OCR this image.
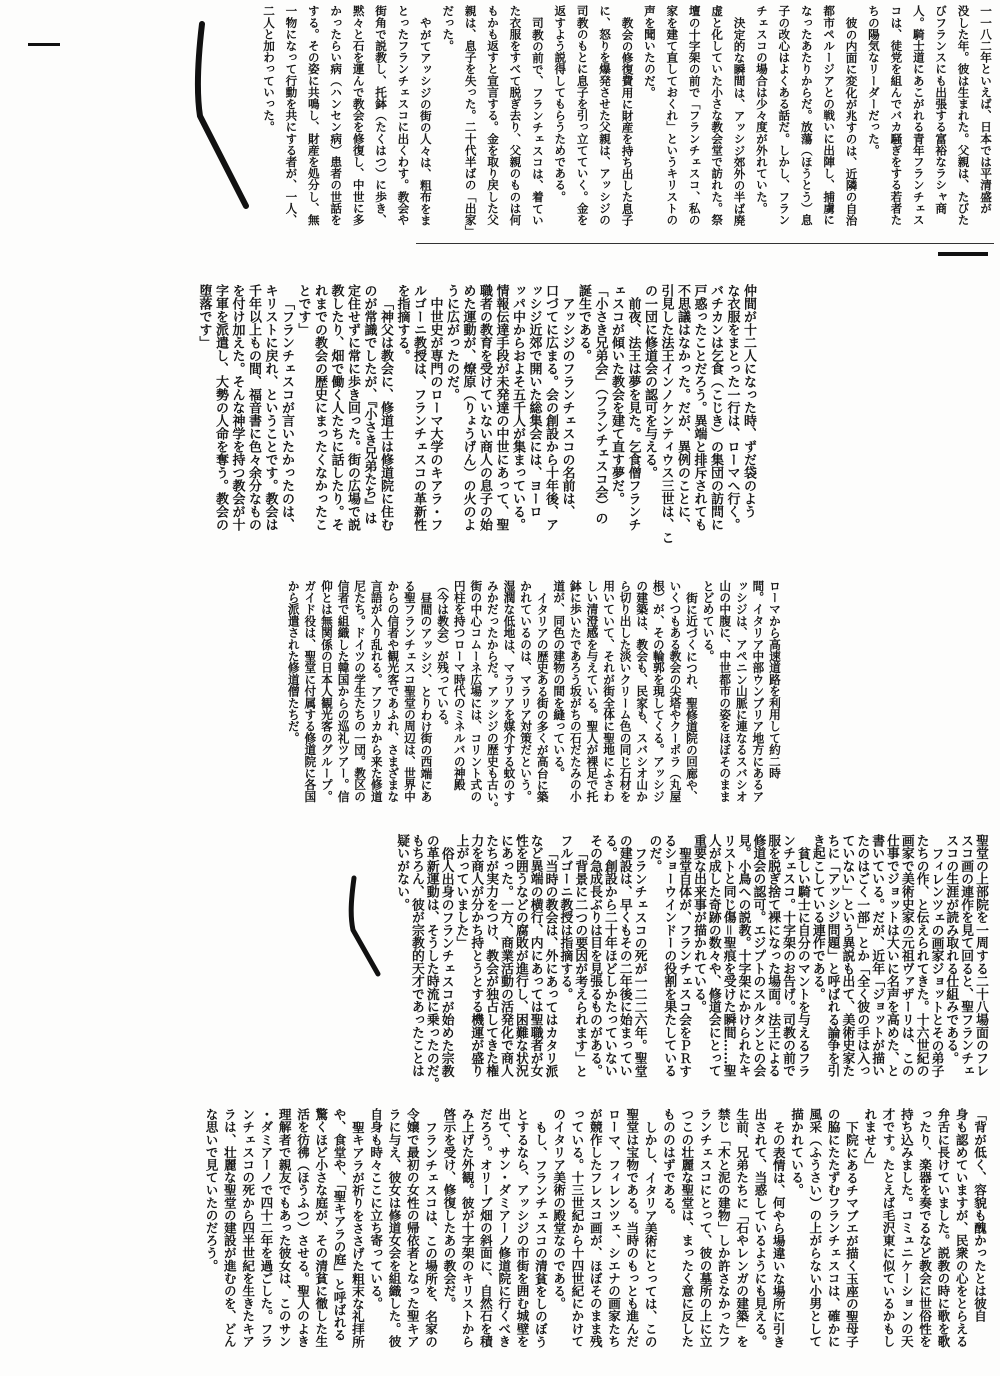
一一八二年といえば、日本では平清盛が
没した年。彼は生まれた。父親は、たびた
びフランスにも出張する富裕なラシャ商
人。騎士道にあこがれる青年フランチェス
コは、徒党を組んでバカ騒ぎをする若者た
ちの陽気なリーダーだった。

彼の内面に変化が兆すのは、近隣の自治
都市ペルージアとの戦いに出陣し、捕虜に
なったあたりからだ。放蕩（ほうとう）息
子の改心はよくある話だ。しかし、フラン
チェスコの場合は少々度が外れていた。

決定的な瞬間は、アッシジ郊外の半ば廃
虚と化していた小さな教会堂で訪れた。祭
壇の十字架の前で「フランチェスコ、私の
家を建て直しておくれ」というキリストの
声を聞いたのだ。

教会の修復費用に財産を持ち出した息子
に、怒りを爆発させた父親は、アッシジの
司教のもとに息子を引っ立てていく。金を
返すよう説得してもらうためである。

司教の前で、フランチェスコは、着てい
た衣服をすべて脱ぎ去り、父親のものは何
もかも返すと宣言する。金を取り戻した父
親は、息子を失った。二十代半ばの「出家」
だった。

やがてアッシジの街の人々は、粗布をま
とったフランチェスコに出くわす。教会や
街角で説教し、托鉢（たくはつ）に歩き、
黙々と石を運んで教会を修復し、中世に多
かったらい病（ハンセン病）患者の世話を
する。その姿に共鳴し、財産を処分し、無
一物になって行動を共にする者が、一人、
二人と加わっていった。

仲間が十二人になった時、ずだ袋のよう
な衣服をまとった一行は、ローマへ行く。
バチカンは乞食（こじき）の集団の訪問に
戸惑ったことだろう。異端と排斥されても
不思議はなかった。だが、異例のことに、
引見した法王インノケンティウス三世は、こ
の一団に修道会の認可を与える。

前夜、法王は夢を見た。乞食僧フランチ
ェスコが傾いた教会を建て直す夢だ。
「小さき兄弟会」（フランチェスコ会）の
誕生である。

アッシジのフランチェスコの名前は、
口づてに広まる。会の創設から十年後、ア
ッシジ近郊で開いた総集会には、ヨーロ
ッパ中からおよそ五千人が集まっている。
情報伝達手段が未発達の中世にあって、聖
職者の教育を受けていない商人の息子の始
めた運動が、燎原（りょうげん）の火のよ
うに広がったのだ。

中世史が専門のローマ大学のキアラ・フ
ルゴーニ教授は、フランチェスコの革新性
を指摘する。

「神父は教会に、修道士は修道院に住む
のが常識でしたが、『小さき兄弟たち』は
定住せずに常に歩き回った。街の広場で説
教したり、畑で働く人たちに話したり。そ
れまでの教会の歴史にまったくなかったこ
とです」

「フランチェスコが言いたかったのは、
キリストに戻れ、ということです。教会は
千年以上もの間、福音書に色々余分なもの
を付け加えた。そんな神学を持つ教会が十
字軍を派遣し、大勢の人命を奪う。教会の
堕落です」

ローマから高速道路を利用して約二時
間。イタリア中部ウンブリア地方にあるア
ッシジは、アペニン山脈に連なるスバシオ
山の中腹に、中世都市の姿をほぼそのまま
とどめている。

街に近づくにつれ、聖修道院の回廊や、
いくつもある教会の尖塔やクーポラ（丸屋
根）が、その輪郭を現してくる。アッシジ
の建築は、教会も、民家も、スバシオ山か
ら切り出した淡いクリーム色の同じ石材を
用いていて、それが街全体に聖地にふさわ
しい清澄感を与えている。聖人が裸足で托
鉢に歩いたであろう坂がちの石だたみの小
道が、同色の建物の間を縫っている。

イタリアの歴史ある街の多くが高台に築
かれているのは、マラリア対策だという。
湿潤な低地は、マラリアを媒介する蚊のす
みかだったからだ。アッシジの歴史も古い。
街の中心コムーネ広場には、コリント式の
円柱を持つローマ時代のミネルバの神殿
（今は教会）が残っている。

昼間のアッシジ、とりわけ街の西端にあ
る聖フランチェスコ聖堂の周辺は、世界中
からの信者や観光客であふれ、さまざまな
言語が入り乱れる。アフリカから来た修道
尼たち。ドイツの学生たちの一団。教区の
信者で組織した韓国からの巡礼ツアー。信
仰とは無関係の日本人観光客のグループ。
ガイド役は、聖堂に付属する修道院に各国
から派遣された修道僧たちだ。

聖堂の上部院を一周する二十八場面のフレ
スコ画の連作を見て回ると、聖フランチェ
スコの生涯が読み取れる仕組みである。

フィレンツェの画家ジョットとその弟子
たちの作、と伝えられてきた。十六世紀の
画家で美術史家の元祖ヴァザーリは、この
仕事でジョットは大いに名声を高めた、と
書いている。だが、近年「ジョットが描い
たのはごく一部」とか「全く彼の手は入っ
ていない」という異説も出て、美術史家た
ちに「アッシジ問題」と呼ばれる論争を引
き起こしている連作である。

貧しい騎士に自分のマントを与えるフラ
ンチェスコ。十字架のお告げ。司教の前で
服を脱ぎ捨て裸になった場面。法王による
修道会の認可。エジプトのスルタンとの会
見。小鳥への説教。十字架にかけられたキ
リストと同じ傷＝聖痕を受けた瞬間……聖
人が成した奇跡の数々や、修道会にとって
重要な出来事が描かれている。

聖堂自体が、フランチェスコ会をＰＲす
るショーウインドーの役割を果たしている
のだ。

フランチェスコの死が一二二六年。聖堂
の建設は、早くもその二年後に始まってい
る。創設から二十年ほどしかたっていない
その急成長ぶりは目を見張るものがある。

「背景に二つの要因が考えられます」と
フルゴーニ教授は指摘する。

「当時の教会は、外にあってはカタリ派
など異端の横行、内にあっては聖職者が女
性を囲うなどの腐敗が進行し、困難な状況
にあった。一方、商業活動の活発化で商人
たちが実力をつけ、教会が独占してきた権
力を商人が分かち持とうとする機運が盛り
上がっていました」

俗人出身のフランチェスコが始めた宗教
の革新運動は、そうした時流に乗ったのだ。
もちろん、彼が宗教的天才であったことは
疑いがない。

「背が低く、容貌も醜かったとは彼自
身も認めていますが、民衆の心をとらえる
弁舌に長けていました。説教の時に歌を歌
ったり、楽器を奏でるなど教会に世俗性を
持ち込みました。コミュニケーションの天
才です。たとえば毛沢東に似ているかもし
れません」

下院にあるチマブエが描く玉座の聖母子
の脇にたたずむフランチェスコは、確かに
風采（ふうさい）の上がらない小男として
描かれている。

その表情は、何やら場違いな場所に引き
出されて、当惑しているようにも見える。
生前、兄弟たちに「石やレンガの建築」を
禁じ「木と泥の建物」しか許さなかったフ
ランチェスコにとって、彼の墓所の上に立
つこの壮麗な聖堂は、まったく意に反した
もののはずである。

しかし、イタリア美術にとっては、この
聖堂は宝物である。当時のもっとも進んだ
ローマ、フィレンツェ、シエナの画家たち
が競作したフレスコ画が、ほぼそのまま残
っている。十三世紀から十四世紀にかけて
のイタリア美術の殿堂なのである。

もし、フランチェスコの清貧をしのぼう
とするなら、アッシジの市街を囲む城壁を
出て、サン・ダミアーノ修道院に行くべき
だろう。オリーブ畑の斜面に、自然石を積
み上げた外観。彼が十字架のキリストから
啓示を受け、修復したあの教会だ。

フランチェスコは、この場所を、名家の
令嬢で最初の女性の帰依者となった聖キア
ラに与え、彼女は修道女会を組織した。彼
自身も時々ここに立ち寄っている。

聖キアラが祈りをささげた粗末な礼拝所
や、食堂や、「聖キアラの庭」と呼ばれる
驚くほど小さな庭が、その清貧に徹した生
活を彷彿（ほうふつ）させる。聖人のよき
理解者で親友でもあった彼女は、このサン
・ダミアーノで四十二年を過ごした。フラ
ンチェスコの死から四半世紀を生きたキア
ラは、壮麗な聖堂の建設が進むのを、どん
な思いで見ていたのだろう。
